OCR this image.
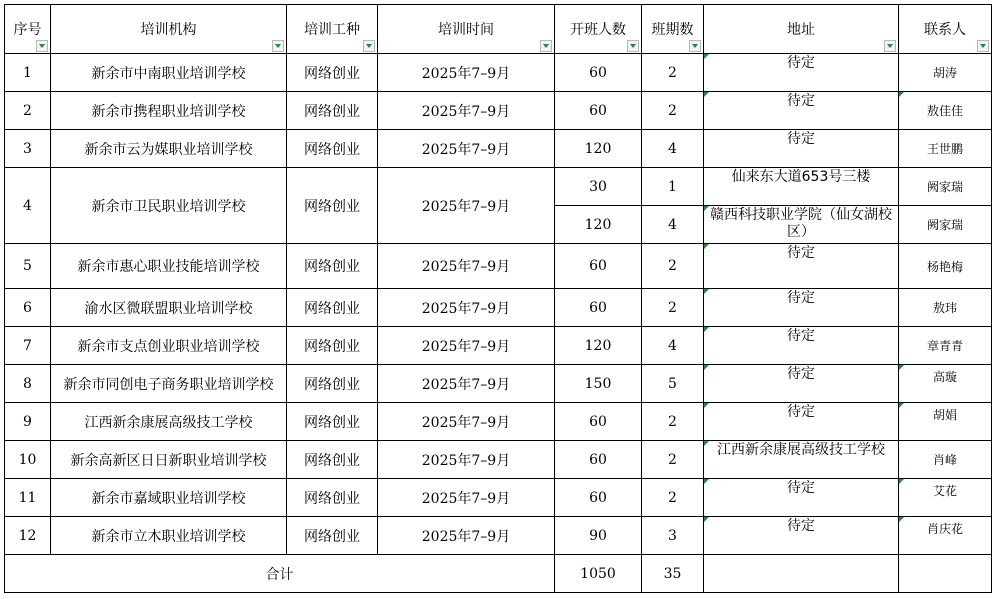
序号	培训机构	培训工种	培训时间	开班人数	班期数	地址	联系人

1	新余市中南职业培训学校	网络创业	2025年7–9月	60	2	待定	胡涛
2	新余市携程职业培训学校	网络创业	2025年7–9月	60	2	待定	敖佳佳
3	新余市云为媒职业培训学校	网络创业	2025年7–9月	120	4	待定	王世鹏
4	新余市卫民职业培训学校	网络创业	2025年7–9月	30	1	仙来东大道653号三楼	阙家瑞
				120	4	赣西科技职业学院（仙女湖校区）	阙家瑞
5	新余市惠心职业技能培训学校	网络创业	2025年7–9月	60	2	待定	杨艳梅
6	渝水区微联盟职业培训学校	网络创业	2025年7–9月	60	2	待定	敖玮
7	新余市支点创业职业培训学校	网络创业	2025年7–9月	120	4	待定	章青青
8	新余市同创电子商务职业培训学校	网络创业	2025年7–9月	150	5	待定	高璇
9	江西新余康展高级技工学校	网络创业	2025年7–9月	60	2	待定	胡娟
10	新余高新区日日新职业培训学校	网络创业	2025年7–9月	60	2	江西新余康展高级技工学校	肖峰
11	新余市嘉域职业培训学校	网络创业	2025年7–9月	60	2	待定	艾花
12	新余市立木职业培训学校	网络创业	2025年7–9月	90	3	待定	肖庆花
合计				1050	35		
